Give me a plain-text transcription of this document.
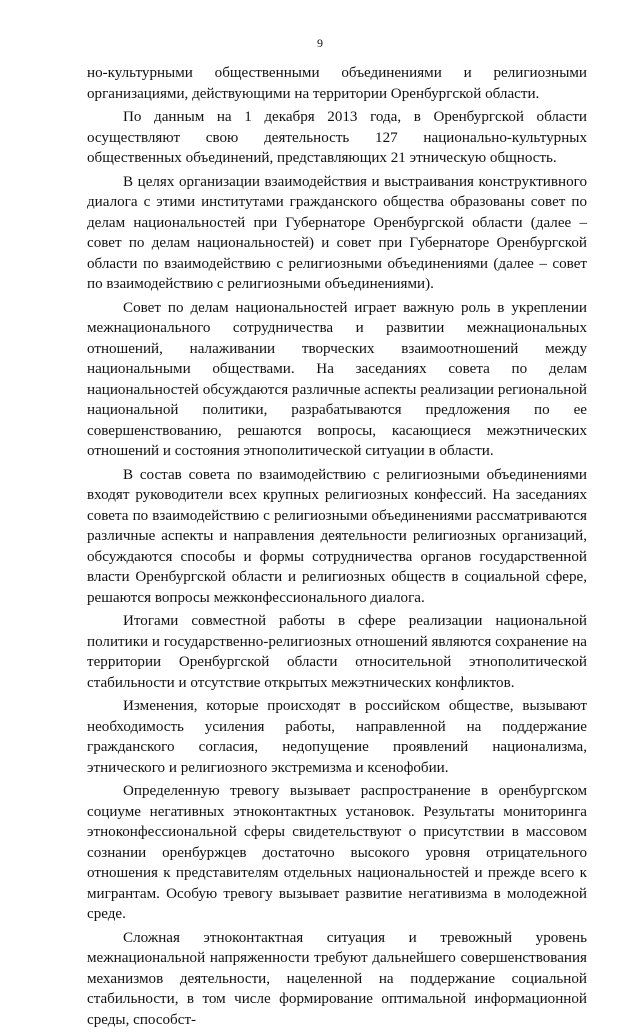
9

но-культурными общественными объединениями и религиозными организациями, действующими на территории Оренбургской области.

По данным на 1 декабря 2013 года, в Оренбургской области осуществляют свою деятельность 127 национально-культурных общественных объединений, представляющих 21 этническую общность.

В целях организации взаимодействия и выстраивания конструктивного диалога с этими институтами гражданского общества образованы совет по делам национальностей при Губернаторе Оренбургской области (далее – совет по делам национальностей) и совет при Губернаторе Оренбургской области по взаимодействию с религиозными объединениями (далее – совет по взаимодействию с религиозными объединениями).

Совет по делам национальностей играет важную роль в укреплении межнационального сотрудничества и развитии межнациональных отношений, налаживании творческих взаимоотношений между национальными обществами. На заседаниях совета по делам национальностей обсуждаются различные аспекты реализации региональной национальной политики, разрабатываются предложения по ее совершенствованию, решаются вопросы, касающиеся межэтнических отношений и состояния этнополитической ситуации в области.

В состав совета по взаимодействию с религиозными объединениями входят руководители всех крупных религиозных конфессий. На заседаниях совета по взаимодействию с религиозными объединениями рассматриваются различные аспекты и направления деятельности религиозных организаций, обсуждаются способы и формы сотрудничества органов государственной власти Оренбургской области и религиозных обществ в социальной сфере, решаются вопросы межконфессионального диалога.

Итогами совместной работы в сфере реализации национальной политики и государственно-религиозных отношений являются сохранение на территории Оренбургской области относительной этнополитической стабильности и отсутствие открытых межэтнических конфликтов.

Изменения, которые происходят в российском обществе, вызывают необходимость усиления работы, направленной на поддержание гражданского согласия, недопущение проявлений национализма, этнического и религиозного экстремизма и ксенофобии.

Определенную тревогу вызывает распространение в оренбургском социуме негативных этноконтактных установок. Результаты мониторинга этноконфессиональной сферы свидетельствуют о присутствии в массовом сознании оренбуржцев достаточно высокого уровня отрицательного отношения к представителям отдельных национальностей и прежде всего к мигрантам. Особую тревогу вызывает развитие негативизма в молодежной среде.

Сложная этноконтактная ситуация и тревожный уровень межнациональной напряженности требуют дальнейшего совершенствования механизмов деятельности, нацеленной на поддержание социальной стабильности, в том числе формирование оптимальной информационной среды, способст-
